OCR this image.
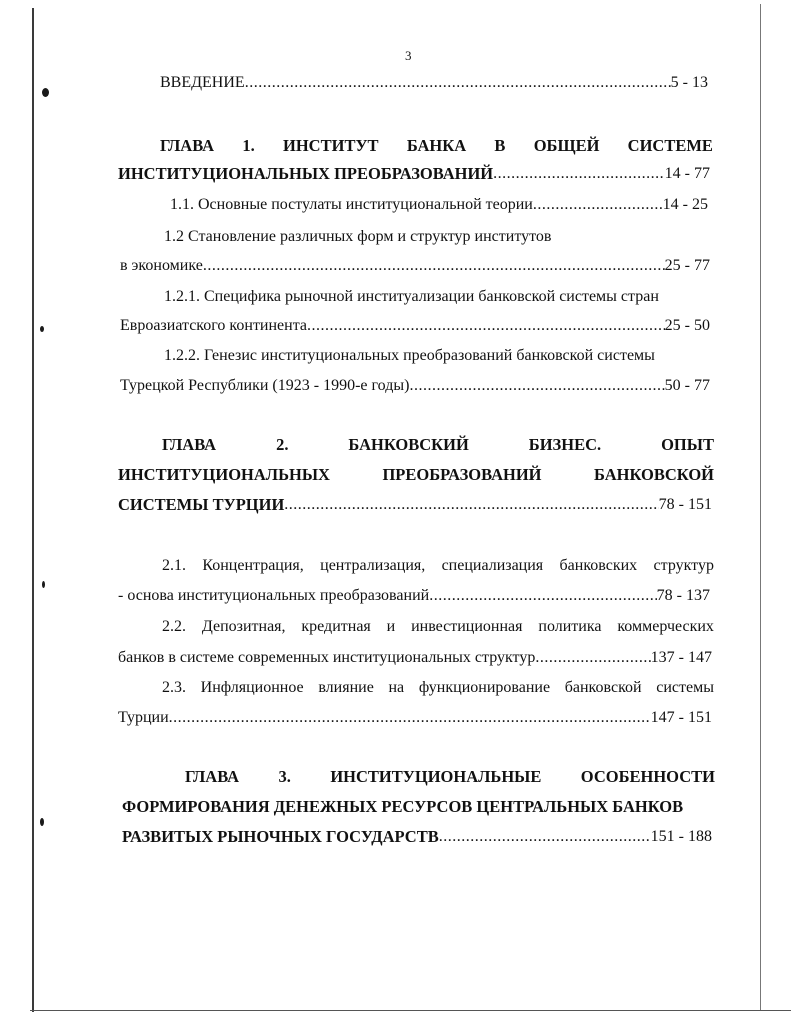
3
ВВЕДЕНИЕ .....	5 - 13
ГЛАВА 1. ИНСТИТУТ БАНКА В ОБЩЕЙ СИСТЕМЕ
ИНСТИТУЦИОНАЛЬНЫХ ПРЕОБРАЗОВАНИЙ .....	14 - 77
1.1. Основные постулаты институциональной теории .....	14 - 25
1.2 Становление различных форм и структур институтов
в экономике .....	25 - 77
1.2.1. Специфика рыночной институализации банковской системы стран
Евроазиатского континента .....	25 - 50
1.2.2. Генезис институциональных преобразований банковской системы
Турецкой Республики (1923 - 1990-е годы) .....	50 - 77
ГЛАВА	2.	БАНКОВСКИЙ	БИЗНЕС.	ОПЫТ
ИНСТИТУЦИОНАЛЬНЫХ	ПРЕОБРАЗОВАНИЙ	БАНКОВСКОЙ
СИСТЕМЫ ТУРЦИИ .....	78 - 151
2.1. Концентрация, централизация, специализация банковских структур
- основа институциональных преобразований .....	78 - 137
2.2. Депозитная, кредитная и инвестиционная политика коммерческих
банков в системе современных институциональных структур .....	137 - 147
2.3. Инфляционное влияние на функционирование банковской системы
Турции .....	147 - 151
ГЛАВА 3. ИНСТИТУЦИОНАЛЬНЫЕ ОСОБЕННОСТИ
ФОРМИРОВАНИЯ ДЕНЕЖНЫХ РЕСУРСОВ ЦЕНТРАЛЬНЫХ БАНКОВ
РАЗВИТЫХ РЫНОЧНЫХ ГОСУДАРСТВ .....	151 - 188
